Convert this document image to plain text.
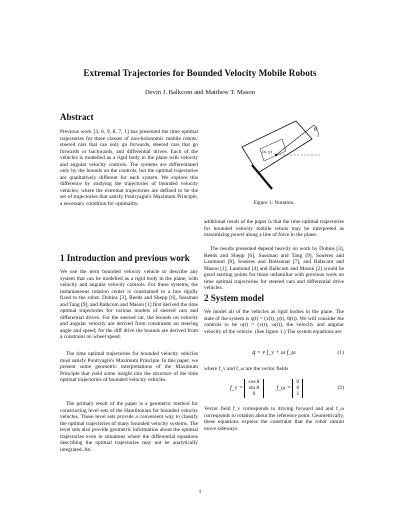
Extremal Trajectories for Bounded Velocity Mobile Robots
Devin J. Balkcom and Matthew T. Mason
Abstract

Previous work [3, 6, 9, 8, 7, 1] has presented the time optimal trajectories for three classes of non-holonomic mobile robots: steered cars that can only go forwards, steered cars that go forwards or backwards, and differential drives. Each of the vehicles is modelled as a rigid body in the plane with velocity and angular velocity controls. The systems are differentiated only by the bounds on the controls, but the optimal trajectories are qualitatively different for each system. We explore this difference by studying the trajectories of bounded velocity vehicles, where the extremal trajectories are defined to be the set of trajectories that satisfy Pontryagin's Maximum Principle, a necessary condition for optimality.

1 Introduction and previous work

We use the term bounded velocity vehicle to describe any system that can be modelled as a rigid body in the plane, with velocity and angular velocity controls. For these systems, the instantaneous rotation center is constrained to a line rigidly fixed to the robot. Dubins [3], Reeds and Shepp [6], Sussman and Tang [9], and Balkcom and Mason [1] first derived the time optimal trajectories for various models of steered cars and differential drives. For the steered car, the bounds on velocity and angular velocity are derived from constraints on steering angle and speed; for the diff drive the bounds are derived from a constraint on wheel speed.

The time optimal trajectories for bounded velocity vehicles must satisfy Pontryagin's Maximum Principle. In this paper, we present some geometric interpretations of the Maximum Principle that yield some insight into the structure of the time optimal trajectories of bounded velocity vehicles.

The primary result of the paper is a geometric method for constructing level sets of the Hamiltonian for bounded velocity vehicles. These level sets provide a convenient way to classify the optimal trajectories of many bounded velocity systems. The level sets also provide geometric information about the optimal trajectories even in situations where the differential equations describing the optimal trajectories may not be analytically integrated. An

θ
(x, y)
Figure 1: Notation.

additional result of the paper is that the time optimal trajectories for bounded velocity mobile robots may be interpreted as maximizing power along a line of force in the plane.

The results presented depend heavily on work by Dubins [3], Reeds and Shepp [6], Sussman and Tang [9], Souères and Laumond [8], Souères and Boissonat [7], and Balkcom and Mason [1]. Laumond [4] and Balkcom and Mason [2] would be good starting points for those unfamiliar with previous work on time optimal trajectories for steered cars and differential drive vehicles.

2 System model

We model all of the vehicles as rigid bodies in the plane. The state of the system is q(t) = (x(t), y(t), θ(t)). We will consider the controls to be u(t) = (v(t), ω(t)), the velocity and angular velocity of the vehicle. (See figure 1.) The system equations are

q̇ = v f_v + ω f_ω	(1)

where f_v and f_ω are the vector fields

f_v = cos θ
sin θ
0  f_ω = 0
0
1
(2)

Vector field f_v corresponds to driving forward and and f_ω corresponds to rotation about the reference point. Geometrically, these equations express the constraint that the robot cannot move sideways.

1
